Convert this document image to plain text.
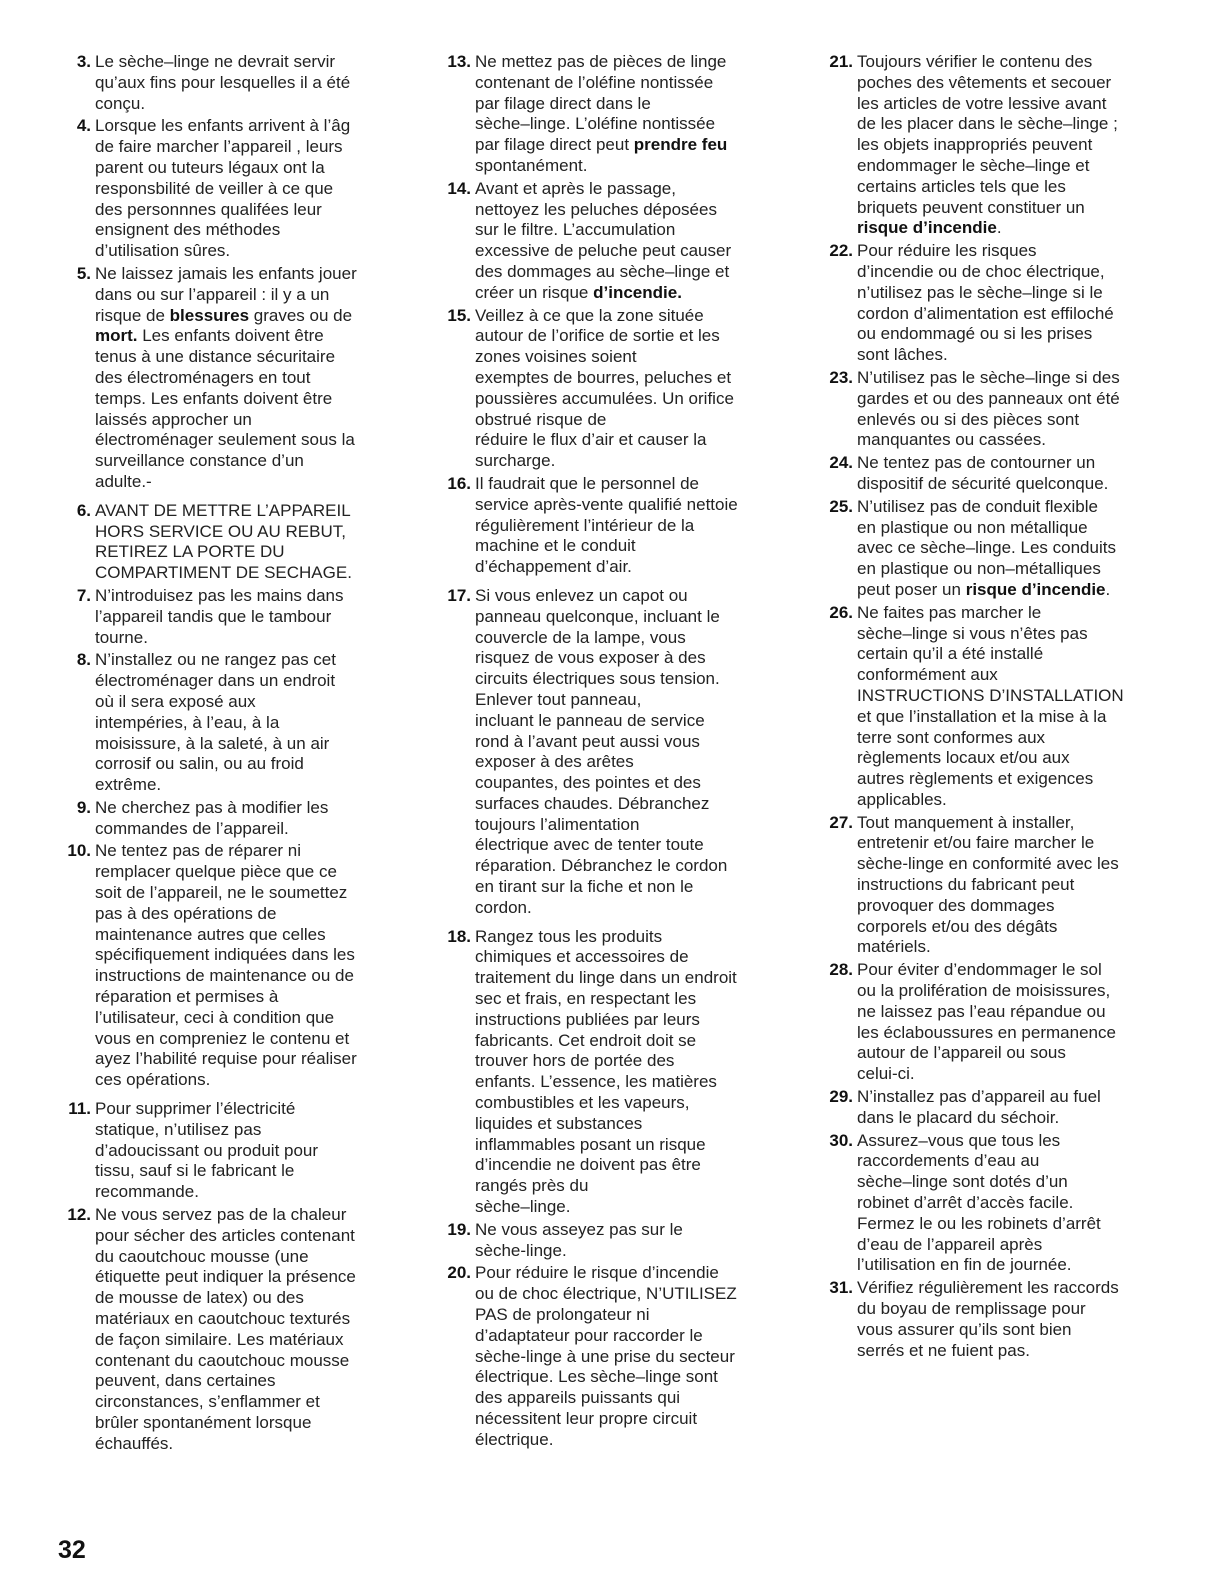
3. Le sèche–linge ne devrait servir
qu’aux fins pour lesquelles il a été
conçu.
4. Lorsque les enfants arrivent à l’âg
de faire marcher l’appareil , leurs
parent ou tuteurs légaux ont la
responsbilité de veiller à ce que
des personnnes qualifées leur
ensignent des méthodes
d’utilisation sûres.
5. Ne laissez jamais les enfants jouer
dans ou sur l’appareil : il y a un
risque de blessures graves ou de
mort. Les enfants doivent être
tenus à une distance sécuritaire
des électroménagers en tout
temps. Les enfants doivent être
laissés approcher un
électroménager seulement sous la
surveillance constance d’un
adulte.-
6. AVANT DE METTRE L’APPAREIL
HORS SERVICE OU AU REBUT,
RETIREZ LA PORTE DU
COMPARTIMENT DE SECHAGE.
7. N’introduisez pas les mains dans
l’appareil tandis que le tambour
tourne.
8. N’installez ou ne rangez pas cet
électroménager dans un endroit
où il sera exposé aux
intempéries, à l’eau, à la
moisissure, à la saleté, à un air
corrosif ou salin, ou au froid
extrême.
9. Ne cherchez pas à modifier les
commandes de l’appareil.
10. Ne tentez pas de réparer ni
remplacer quelque pièce que ce
soit de l’appareil, ne le soumettez
pas à des opérations de
maintenance autres que celles
spécifiquement indiquées dans les
instructions de maintenance ou de
réparation et permises à
l’utilisateur, ceci à condition que
vous en compreniez le contenu et
ayez l’habilité requise pour réaliser
ces opérations.
11. Pour supprimer l’électricité
statique, n’utilisez pas
d’adoucissant ou produit pour
tissu, sauf si le fabricant le
recommande.
12. Ne vous servez pas de la chaleur
pour sécher des articles contenant
du caoutchouc mousse (une
étiquette peut indiquer la présence
de mousse de latex) ou des
matériaux en caoutchouc texturés
de façon similaire. Les matériaux
contenant du caoutchouc mousse
peuvent, dans certaines
circonstances, s’enflammer et
brûler spontanément lorsque
échauffés.
13. Ne mettez pas de pièces de linge
contenant de l’oléfine nontissée
par filage direct dans le
sèche–linge. L’oléfine nontissée
par filage direct peut prendre feu
spontanément.
14. Avant et après le passage,
nettoyez les peluches déposées
sur le filtre. L’accumulation
excessive de peluche peut causer
des dommages au sèche–linge et
créer un risque d’incendie.
15. Veillez à ce que la zone située
autour de l’orifice de sortie et les
zones voisines soient
exemptes de bourres, peluches et
poussières accumulées. Un orifice
obstrué risque de
réduire le flux d’air et causer la
surcharge.
16. Il faudrait que le personnel de
service après-vente qualifié nettoie
régulièrement l’intérieur de la
machine et le conduit
d’échappement d’air.
17. Si vous enlevez un capot ou
panneau quelconque, incluant le
couvercle de la lampe, vous
risquez de vous exposer à des
circuits électriques sous tension.
Enlever tout panneau,
incluant le panneau de service
rond à l’avant peut aussi vous
exposer à des arêtes
coupantes, des pointes et des
surfaces chaudes. Débranchez
toujours l’alimentation
électrique avec de tenter toute
réparation. Débranchez le cordon
en tirant sur la fiche et non le
cordon.
18. Rangez tous les produits
chimiques et accessoires de
traitement du linge dans un endroit
sec et frais, en respectant les
instructions publiées par leurs
fabricants. Cet endroit doit se
trouver hors de portée des
enfants. L’essence, les matières
combustibles et les vapeurs,
liquides et substances
inflammables posant un risque
d’incendie ne doivent pas être
rangés près du
sèche–linge.
19. Ne vous asseyez pas sur le
sèche-linge.
20. Pour réduire le risque d’incendie
ou de choc électrique, N’UTILISEZ
PAS de prolongateur ni
d’adaptateur pour raccorder le
sèche-linge à une prise du secteur
électrique. Les sèche–linge sont
des appareils puissants qui
nécessitent leur propre circuit
électrique.
21. Toujours vérifier le contenu des
poches des vêtements et secouer
les articles de votre lessive avant
de les placer dans le sèche–linge ;
les objets inappropriés peuvent
endommager le sèche–linge et
certains articles tels que les
briquets peuvent constituer un
risque d’incendie.
22. Pour réduire les risques
d’incendie ou de choc électrique,
n’utilisez pas le sèche–linge si le
cordon d’alimentation est effiloché
ou endommagé ou si les prises
sont lâches.
23. N’utilisez pas le sèche–linge si des
gardes et ou des panneaux ont été
enlevés ou si des pièces sont
manquantes ou cassées.
24. Ne tentez pas de contourner un
dispositif de sécurité quelconque.
25. N’utilisez pas de conduit flexible
en plastique ou non métallique
avec ce sèche–linge. Les conduits
en plastique ou non–métalliques
peut poser un risque d’incendie.
26. Ne faites pas marcher le
sèche–linge si vous n’êtes pas
certain qu’il a été installé
conformément aux
INSTRUCTIONS D’INSTALLATION
et que l’installation et la mise à la
terre sont conformes aux
règlements locaux et/ou aux
autres règlements et exigences
applicables.
27. Tout manquement à installer,
entretenir et/ou faire marcher le
sèche-linge en conformité avec les
instructions du fabricant peut
provoquer des dommages
corporels et/ou des dégâts
matériels.
28. Pour éviter d’endommager le sol
ou la prolifération de moisissures,
ne laissez pas l’eau répandue ou
les éclaboussures en permanence
autour de l’appareil ou sous
celui-ci.
29. N’installez pas d’appareil au fuel
dans le placard du séchoir.
30. Assurez–vous que tous les
raccordements d’eau au
sèche–linge sont dotés d’un
robinet d’arrêt d’accès facile.
Fermez le ou les robinets d’arrêt
d’eau de l’appareil après
l’utilisation en fin de journée.
31. Vérifiez régulièrement les raccords
du boyau de remplissage pour
vous assurer qu’ils sont bien
serrés et ne fuient pas.
32
